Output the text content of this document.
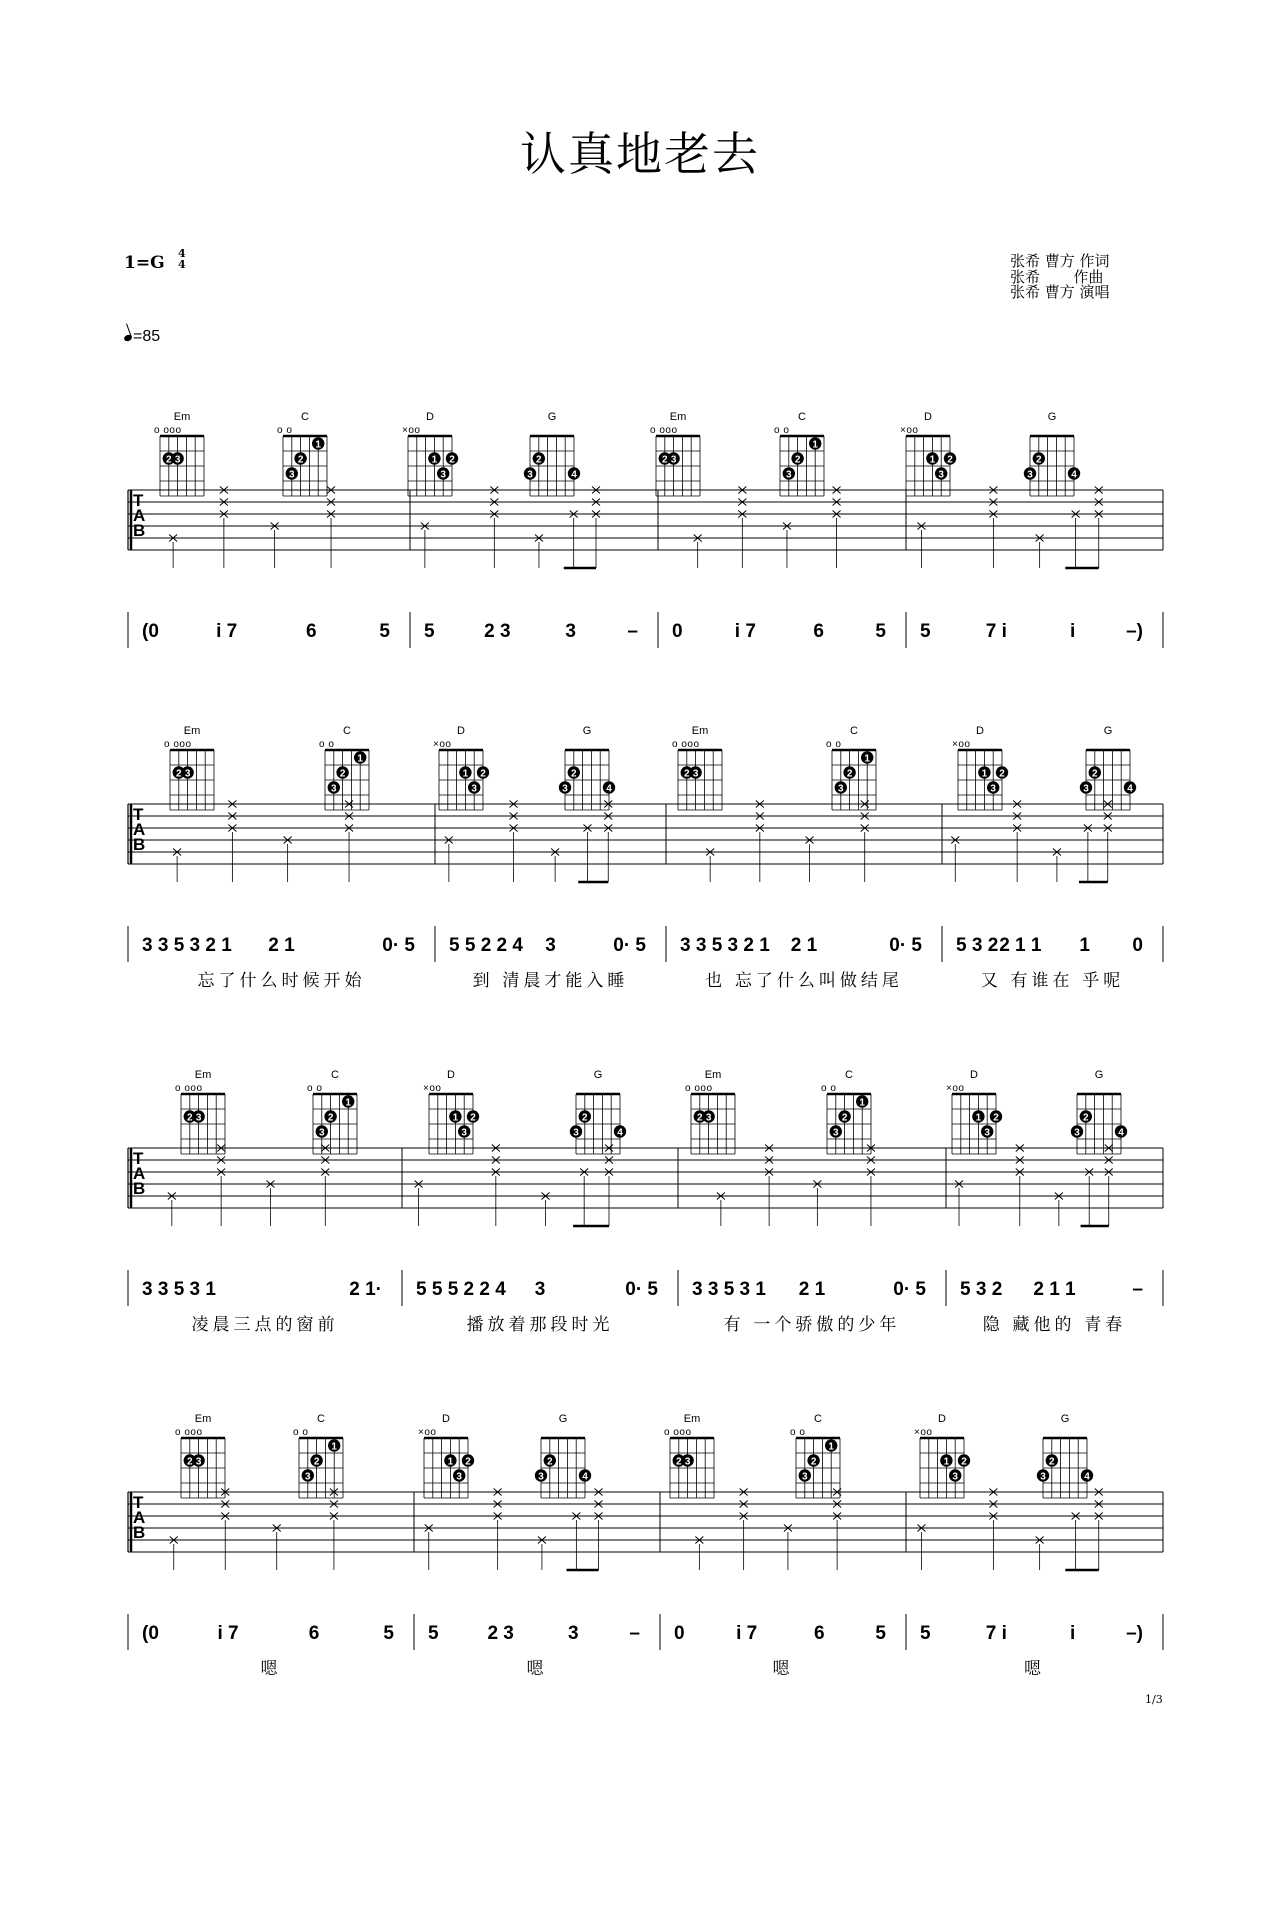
认真地老去
1=G 4
4
=85
张希 曹方 作词
张希       作曲
张希 曹方 演唱
Em
o ooo
2 3
C
o o
1
2
3
D
×oo
1 2
3
G
2
3	4
Em
o ooo
2 3
C
o o
1
2
3
D
×oo
1 2
3
G
2
3	4
T
A
B
(0	i 7	6	5 5	2 3	3	– 0	i 7	6	5 5	7 i	i	–)
Em
o ooo
2 3
C
o o
1
2
3
D
×oo
1 2
3
G
2
3	4
Em
o ooo
2 3
C
o o
1
2
3
D
×oo
1 2
3
G
2
3	4
T
A
B
3 3 5 3 2 1 2 1	0· 5 5 5 2 2 4 3	0· 5 3 3 5 3 2 1 2 1	0· 5 5 3 2 2 1 1 1 0
忘了什么时候开始	到 清晨才能入睡	也 忘了什么叫做结尾	又 有谁在 乎呢
Em
o ooo
2 3
C
o o
1
2
3
D
×oo
1 2
3
G
2
3	4
Em
o ooo
2 3
C
o o
1
2
3
D
×oo
1 2
3
G
2
3	4
T
A
B
3 3 5 3 1	2 1· 5 5 5 2 2 4 3	0· 5 3 3 5 3 1 2 1	0· 5 5 3 2 2 1 1	–
凌晨三点的窗前	播放着那段时光	有 一个骄傲的少年	隐 藏他的 青春
Em
o ooo
2 3
C
o o
1
2
3
D
×oo
1 2
3
G
2
3	4
Em
o ooo
2 3
C
o o
1
2
3
D
×oo
1 2
3
G
2
3	4
T
A
B
(0	i 7	6	5 5	2 3	3	– 0	i 7	6	5 5	7 i	i	–)
嗯	嗯	嗯	嗯
1/3
